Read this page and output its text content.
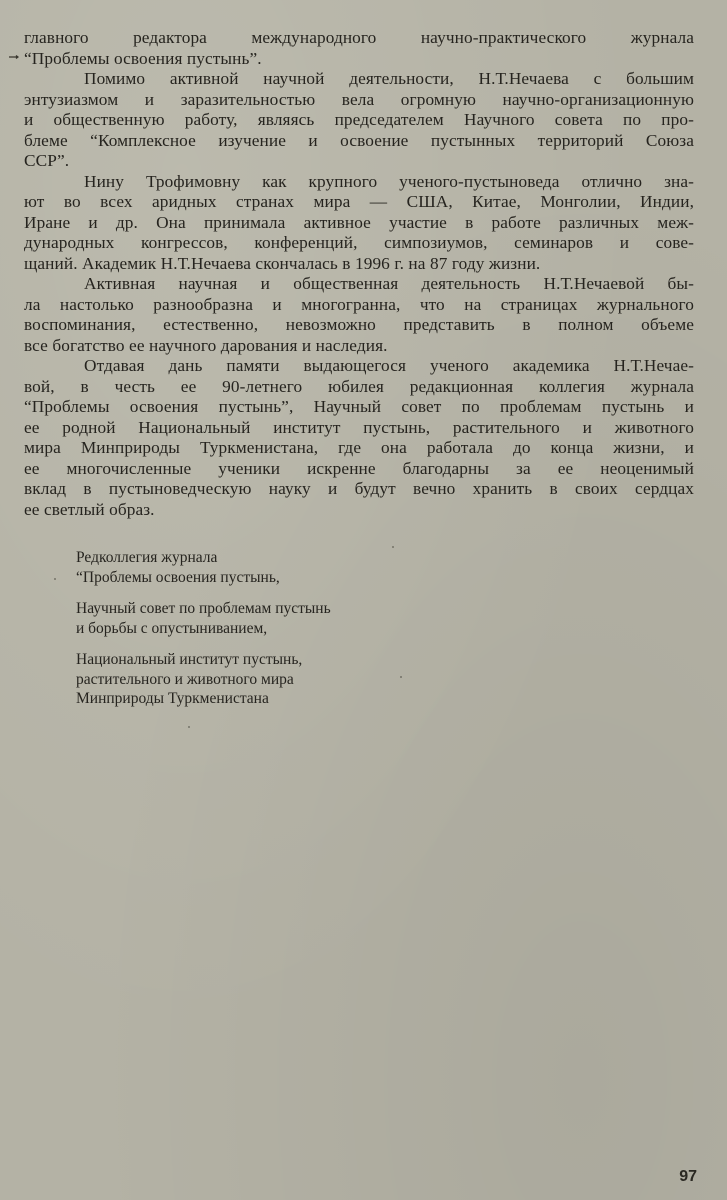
главного редактора международного научно-практического журнала
“Проблемы освоения пустынь”.
Помимо активной научной деятельности, Н.Т.Нечаева с большим
энтузиазмом и заразительностью вела огромную научно-организационную
и общественную работу, являясь председателем Научного совета по про-
блеме “Комплексное изучение и освоение пустынных территорий Союза
ССР”.
Нину Трофимовну как крупного ученого-пустыноведа отлично зна-
ют во всех аридных странах мира — США, Китае, Монголии, Индии,
Иране и др. Она принимала активное участие в работе различных меж-
дународных конгрессов, конференций, симпозиумов, семинаров и сове-
щаний. Академик Н.Т.Нечаева скончалась в 1996 г. на 87 году жизни.
Активная научная и общественная деятельность Н.Т.Нечаевой бы-
ла настолько разнообразна и многогранна, что на страницах журнального
воспоминания, естественно, невозможно представить в полном объеме
все богатство ее научного дарования и наследия.
Отдавая дань памяти выдающегося ученого академика Н.Т.Нечае-
вой, в честь ее 90-летнего юбилея редакционная коллегия журнала
“Проблемы освоения пустынь”, Научный совет по проблемам пустынь и
ее родной Национальный институт пустынь, растительного и животного
мира Минприроды Туркменистана, где она работала до конца жизни, и
ее многочисленные ученики искренне благодарны за ее неоценимый
вклад в пустыноведческую науку и будут вечно хранить в своих сердцах
ее светлый образ.
Редколлегия журнала
“Проблемы освоения пустынь,
Научный совет по проблемам пустынь
и борьбы с опустыниванием,
Национальный институт пустынь,
растительного и животного мира
Минприроды Туркменистана
97
